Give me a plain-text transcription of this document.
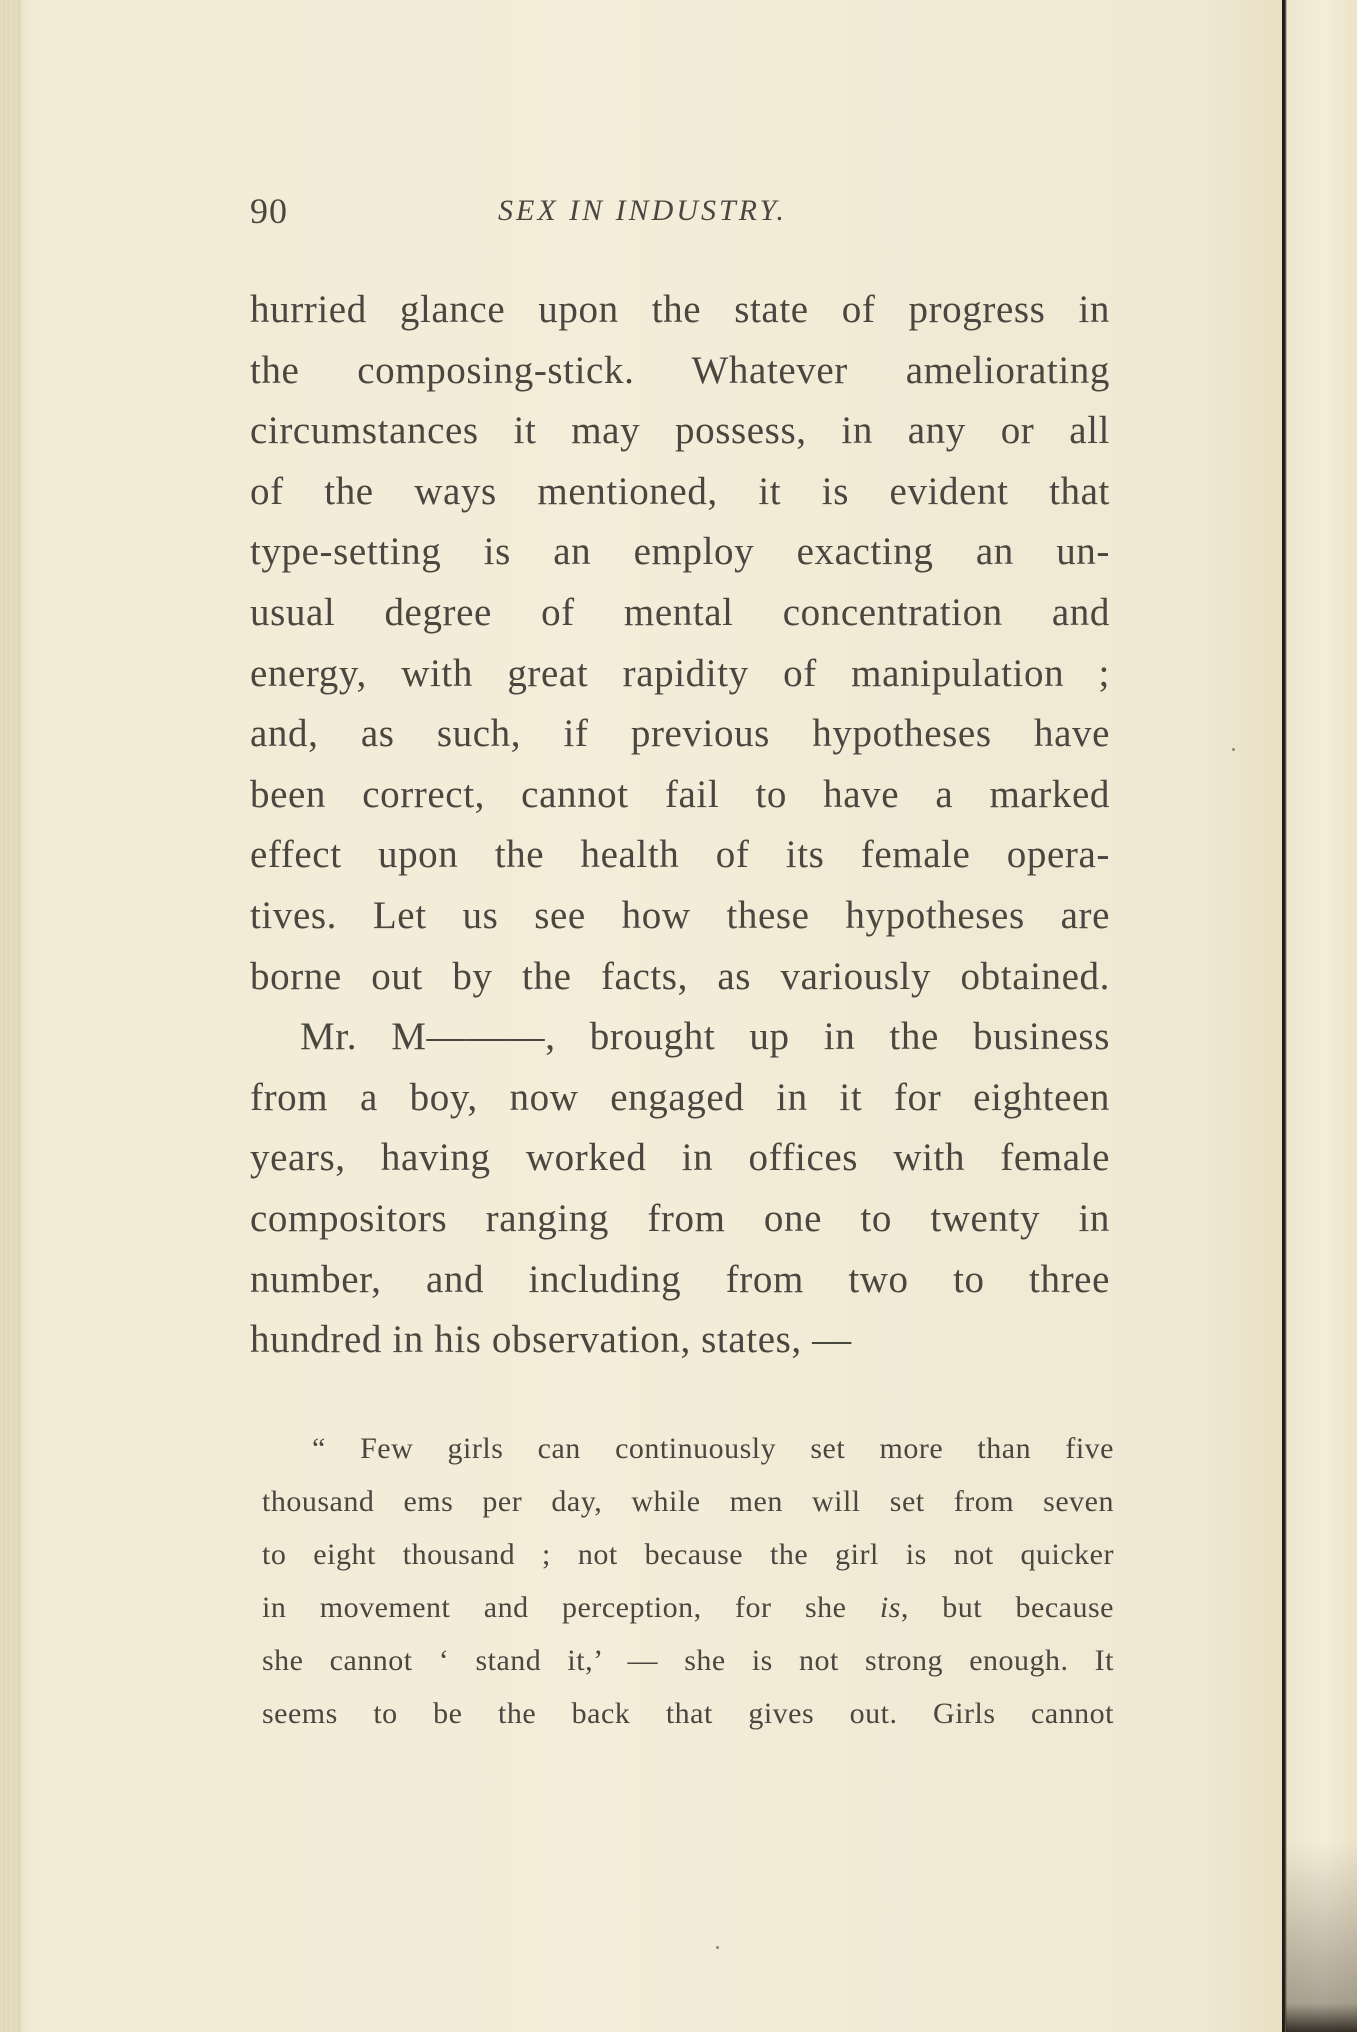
90	SEX IN INDUSTRY.
hurried glance upon the state of progress in
the composing-stick. Whatever ameliorating
circumstances it may possess, in any or all
of the ways mentioned, it is evident that
type-setting is an employ exacting an un-
usual degree of mental concentration and
energy, with great rapidity of manipulation ;
and, as such, if previous hypotheses have
been correct, cannot fail to have a marked
effect upon the health of its female opera-
tives. Let us see how these hypotheses are
borne out by the facts, as variously obtained.
Mr. M———, brought up in the business
from a boy, now engaged in it for eighteen
years, having worked in offices with female
compositors ranging from one to twenty in
number, and including from two to three
hundred in his observation, states, —
“ Few girls can continuously set more than five
thousand ems per day, while men will set from seven
to eight thousand ; not because the girl is not quicker
in movement and perception, for she is, but because
she cannot ‘ stand it,’ — she is not strong enough. It
seems to be the back that gives out. Girls cannot
